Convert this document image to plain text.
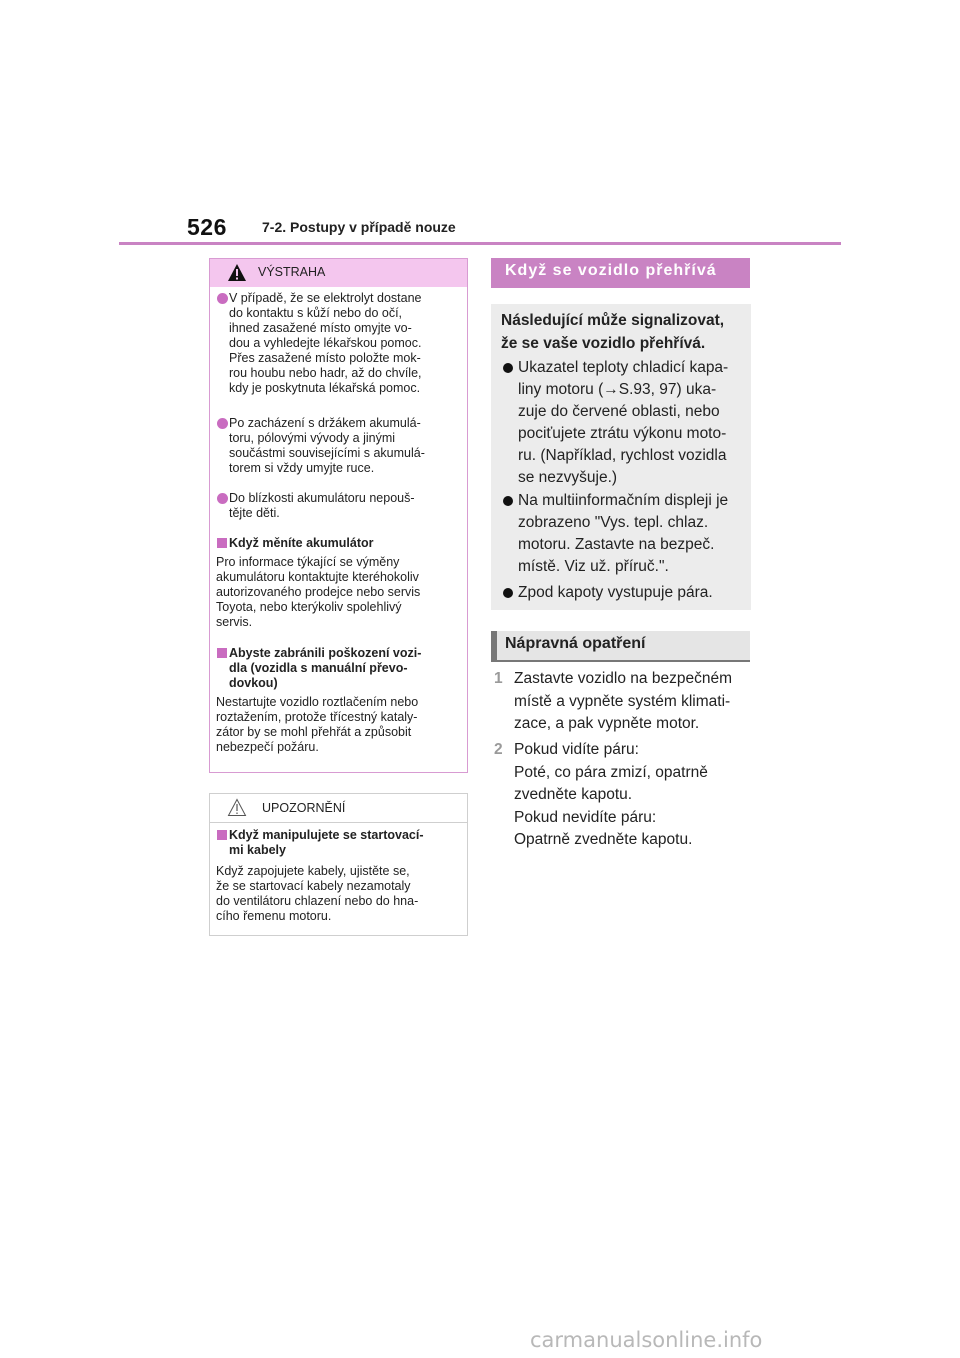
526	7-2. Postupy v případě nouze
VÝSTRAHA
V případě, že se elektrolyt dostane
do kontaktu s kůží nebo do očí,
ihned zasažené místo omyjte vo-
dou a vyhledejte lékařskou pomoc.
Přes zasažené místo položte mok-
rou houbu nebo hadr, až do chvíle,
kdy je poskytnuta lékařská pomoc.
Po zacházení s držákem akumulá-
toru, pólovými vývody a jinými
součástmi souvisejícími s akumulá-
torem si vždy umyjte ruce.
Do blízkosti akumulátoru nepouš-
tějte děti.
Když měníte akumulátor
Pro informace týkající se výměny
akumulátoru kontaktujte kteréhokoliv
autorizovaného prodejce nebo servis
Toyota, nebo kterýkoliv spolehlivý
servis.
Abyste zabránili poškození vozi-
dla (vozidla s manuální převo-
dovkou)
Nestartujte vozidlo roztlačením nebo
roztažením, protože třícestný kataly-
zátor by se mohl přehřát a způsobit
nebezpečí požáru.
UPOZORNĚNÍ
Když manipulujete se startovací-
mi kabely
Když zapojujete kabely, ujistěte se,
že se startovací kabely nezamotaly
do ventilátoru chlazení nebo do hna-
cího řemenu motoru.
Když se vozidlo přehřívá
Následující může signalizovat,
že se vaše vozidlo přehřívá.
Ukazatel teploty chladicí kapa-
liny motoru (→S.93, 97) uka-
zuje do červené oblasti, nebo
pociťujete ztrátu výkonu moto-
ru. (Například, rychlost vozidla
se nezvyšuje.)
Na multiinformačním displeji je
zobrazeno "Vys. tepl. chlaz.
motoru. Zastavte na bezpeč.
místě. Viz už. příruč.".
Zpod kapoty vystupuje pára.
Nápravná opatření
1 Zastavte vozidlo na bezpečném
místě a vypněte systém klimati-
zace, a pak vypněte motor.
2 Pokud vidíte páru:
Poté, co pára zmizí, opatrně
zvedněte kapotu.
Pokud nevidíte páru:
Opatrně zvedněte kapotu.
carmanualsonline.info
